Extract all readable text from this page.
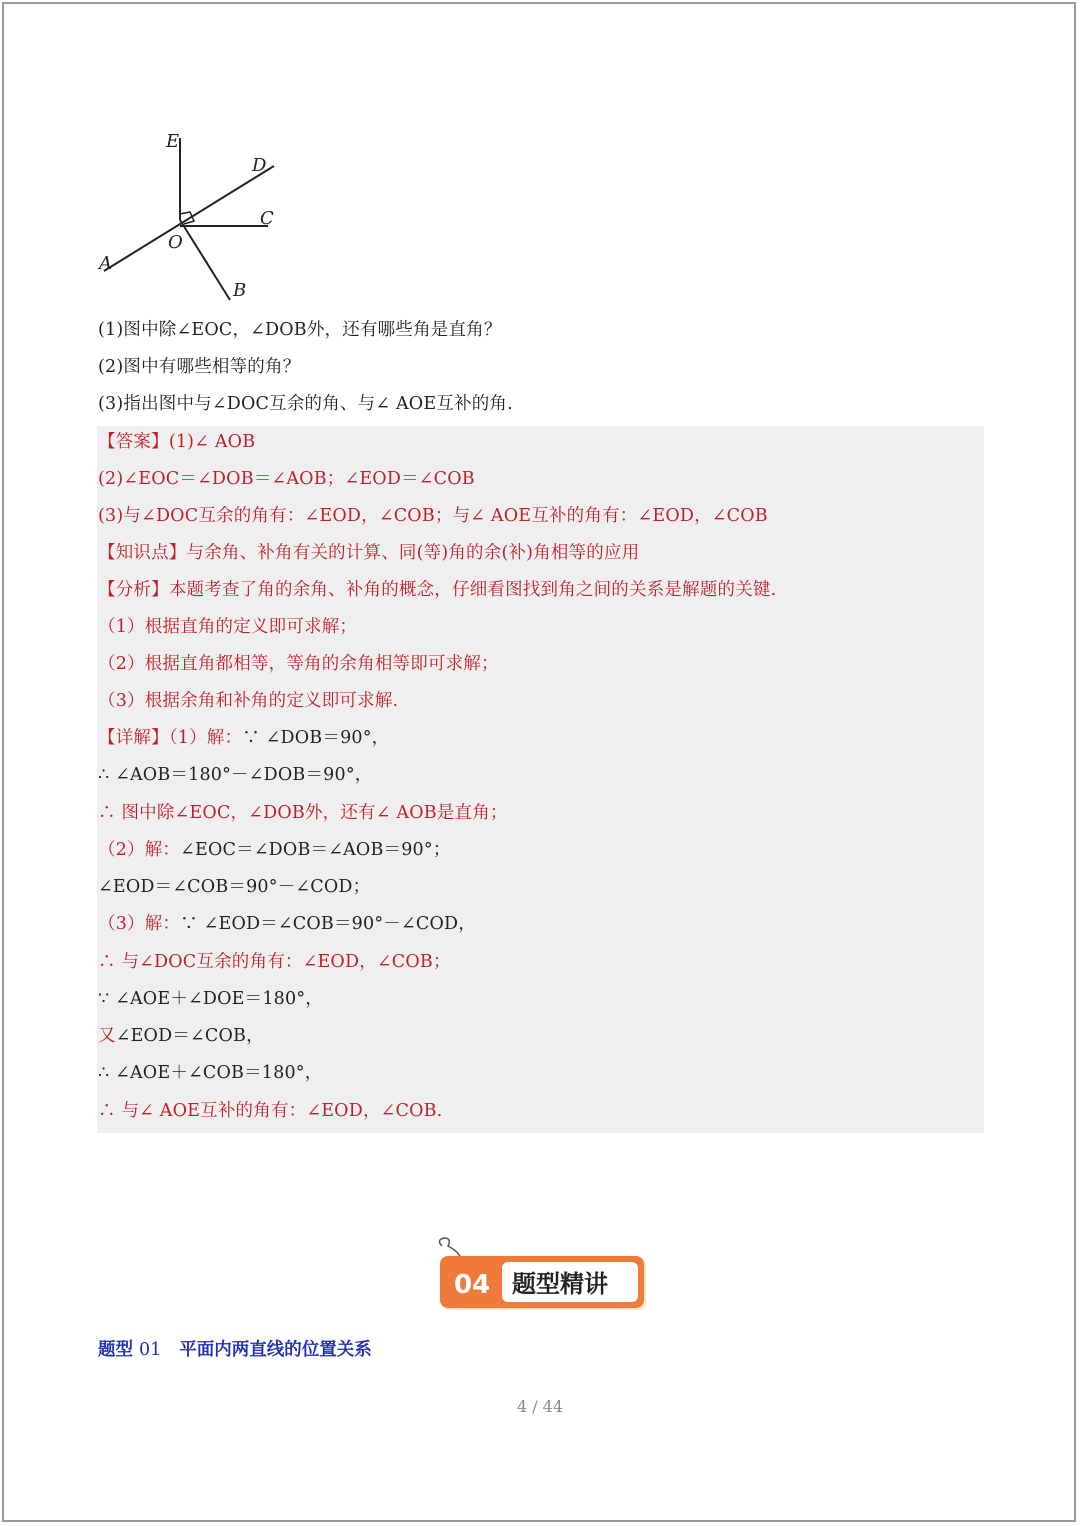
E
D
C
O
A
B
(1)图中除∠EOC，∠DOB外，还有哪些角是直角？
(2)图中有哪些相等的角？
(3)指出图中与∠DOC互余的角、与∠ AOE互补的角.
【答案】(1)∠ AOB
(2)∠EOC＝∠DOB＝∠AOB；∠EOD＝∠COB
(3)与∠DOC互余的角有：∠EOD，∠COB；与∠ AOE互补的角有：∠EOD，∠COB
【知识点】与余角、补角有关的计算、同(等)角的余(补)角相等的应用
【分析】本题考查了角的余角、补角的概念，仔细看图找到角之间的关系是解题的关键.
（1）根据直角的定义即可求解；
（2）根据直角都相等，等角的余角相等即可求解；
（3）根据余角和补角的定义即可求解.
【详解】（1）解：∵ ∠DOB＝90°，
∴ ∠AOB＝180°－∠DOB＝90°，
∴ 图中除∠EOC，∠DOB外，还有∠ AOB是直角；
（2）解：∠EOC＝∠DOB＝∠AOB＝90°；
∠EOD＝∠COB＝90°－∠COD；
（3）解：∵ ∠EOD＝∠COB＝90°－∠COD，
∴ 与∠DOC互余的角有：∠EOD，∠COB；
∵ ∠AOE＋∠DOE＝180°，
又∠EOD＝∠COB，
∴ ∠AOE＋∠COB＝180°，
∴ 与∠ AOE互补的角有：∠EOD，∠COB.
04 题型精讲
题型 01 平面内两直线的位置关系
4 / 44
